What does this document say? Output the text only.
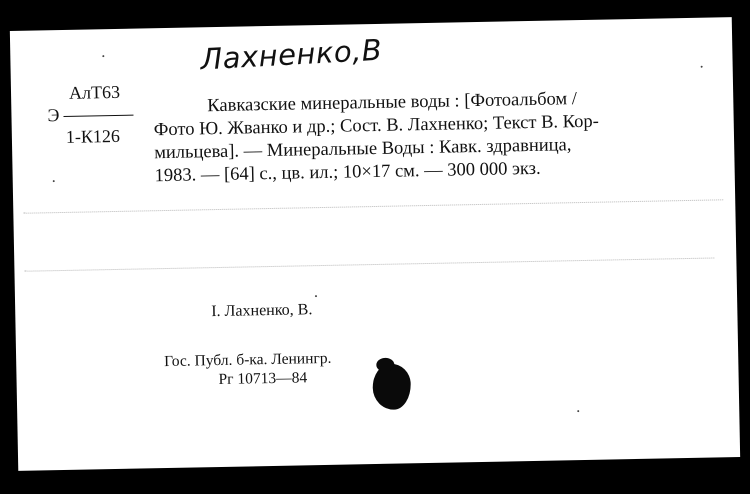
Лахненко,В
АлТ63
Э
1-К126
Кавказские минеральные воды : [Фотоальбом /
Фото Ю. Жванко и др.; Сост. В. Лахненко; Текст В. Кор-
мильцева]. — Минеральные Воды : Кавк. здравница,
1983. — [64] с., цв. ил.; 10×17 см. — 300 000 экз.
I. Лахненко, В.
Гос. Публ. б-ка. Ленингр.
Рг 10713—84
